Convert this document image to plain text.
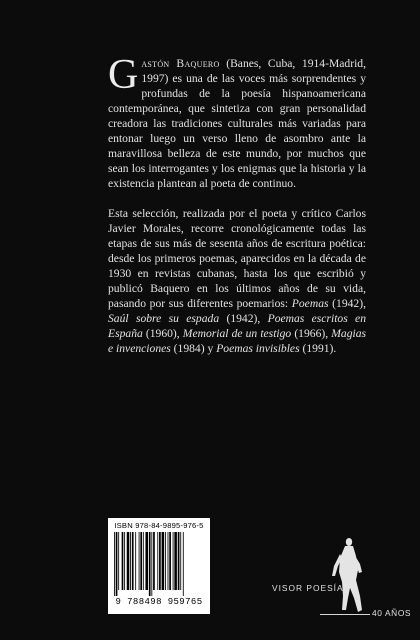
Gastón Baquero (Banes, Cuba, 1914-Madrid, 1997) es una de las voces más sorprendentes y profundas de la poesía hispanoamericana contemporánea, que sintetiza con gran personalidad creadora las tradiciones culturales más variadas para entonar luego un verso lleno de asombro ante la maravillosa belleza de este mundo, por muchos que sean los interrogantes y los enigmas que la historia y la existencia plantean al poeta de continuo.

Esta selección, realizada por el poeta y crítico Carlos Javier Morales, recorre cronológicamente todas las etapas de sus más de sesenta años de escritura poética: desde los primeros poemas, aparecidos en la década de 1930 en revistas cubanas, hasta los que escribió y publicó Baquero en los últimos años de su vida, pasando por sus diferentes poemarios: Poemas (1942), Saúl sobre su espada (1942), Poemas escritos en España (1960), Memorial de un testigo (1966), Magias e invenciones (1984) y Poemas invisibles (1991).

ISBN 978-84-9895-976-5
9 788498 959765
VISOR POESÍA
40 AÑOS
